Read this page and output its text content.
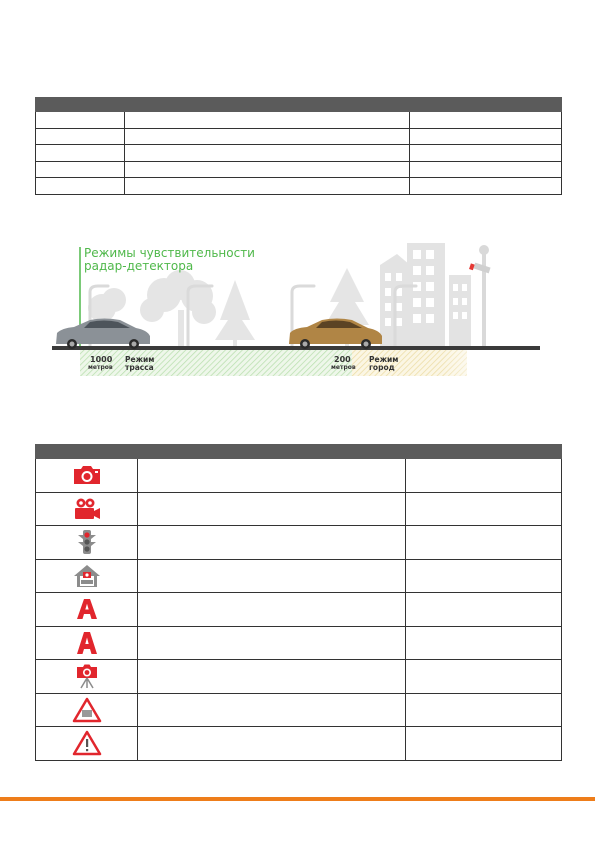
Режимы чувствительности
радар-детектора
1000
метров
Режим
трасса
200
метров
Режим
город
